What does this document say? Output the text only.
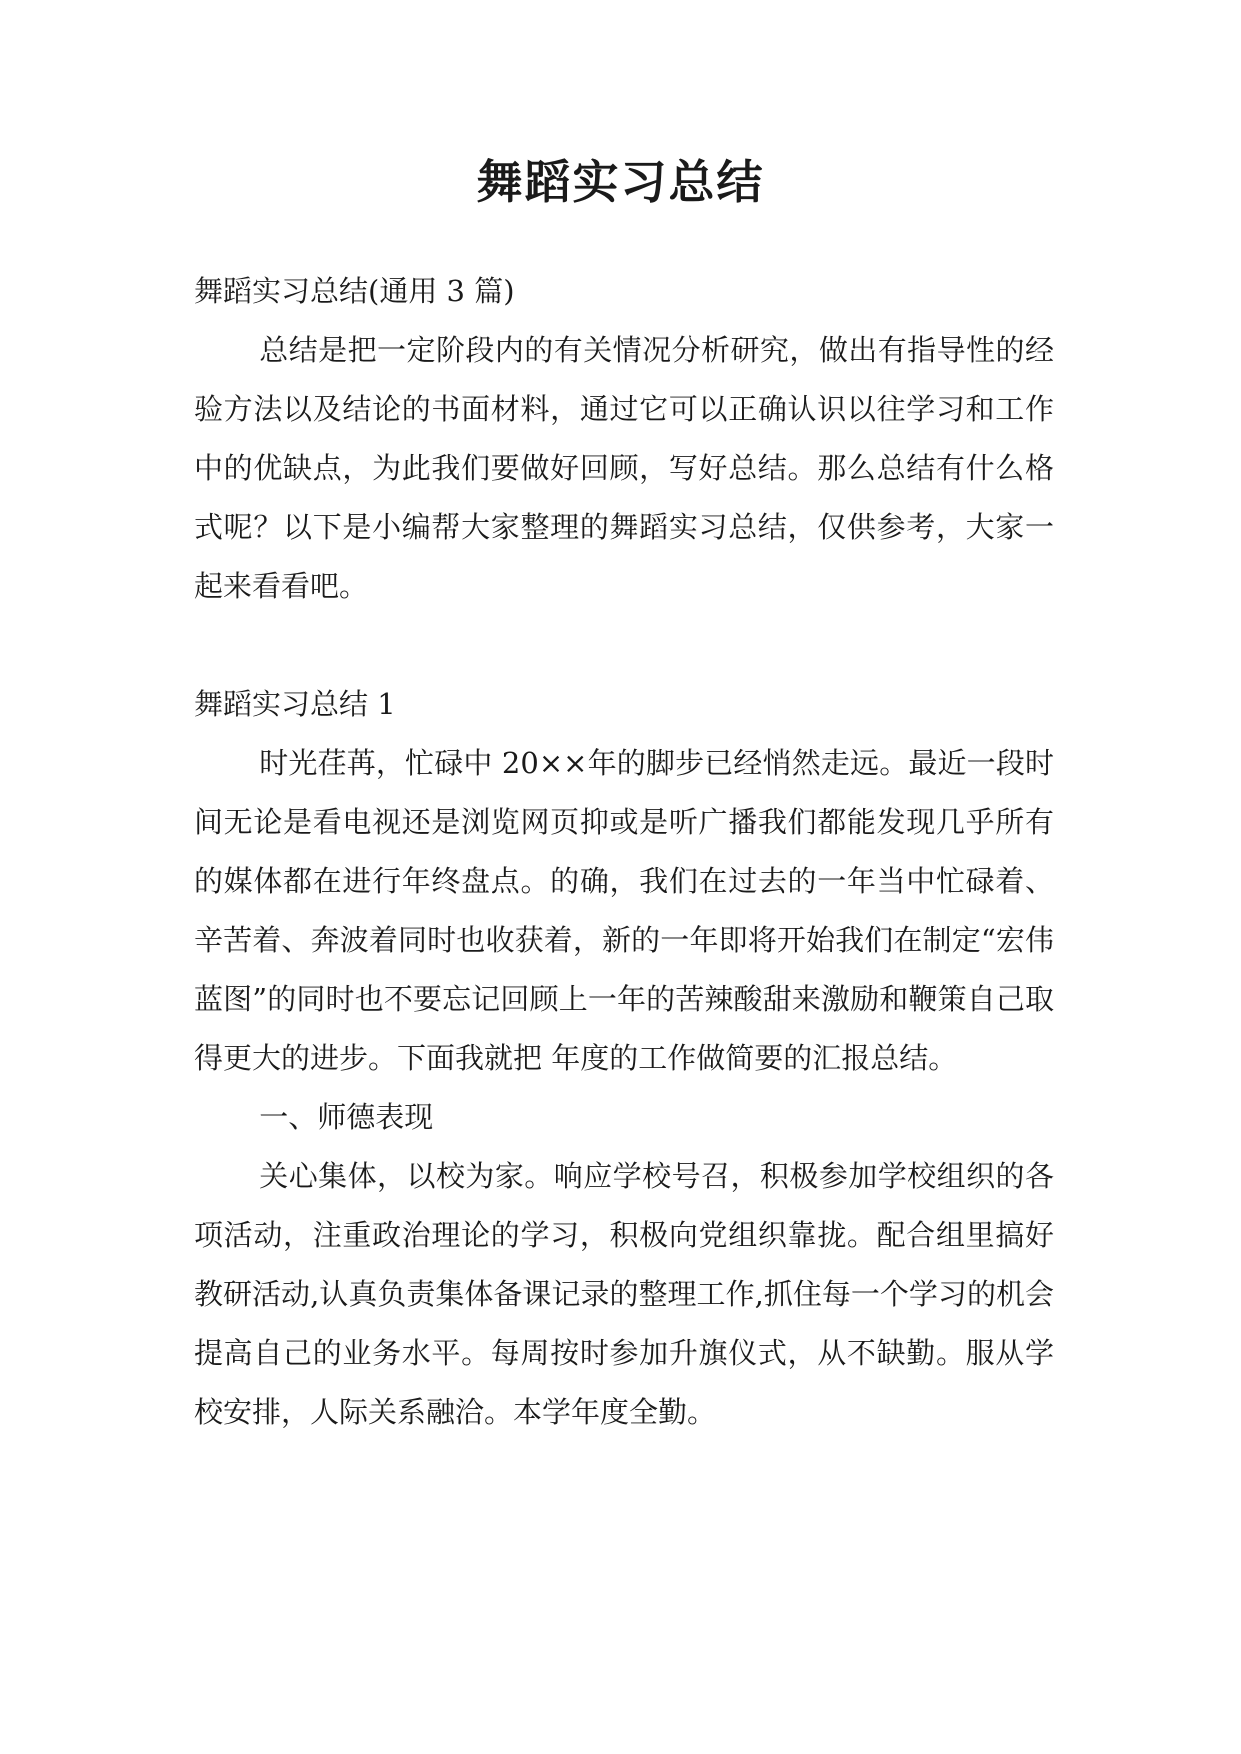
舞蹈实习总结

舞蹈实习总结(通用 3 篇)

总结是把一定阶段内的有关情况分析研究，做出有指导性的经验方法以及结论的书面材料，通过它可以正确认识以往学习和工作中的优缺点，为此我们要做好回顾，写好总结。那么总结有什么格式呢？以下是小编帮大家整理的舞蹈实习总结，仅供参考，大家一起来看看吧。

舞蹈实习总结 1

时光荏苒，忙碌中 20××年的脚步已经悄然走远。最近一段时间无论是看电视还是浏览网页抑或是听广播我们都能发现几乎所有的媒体都在进行年终盘点。的确，我们在过去的一年当中忙碌着、辛苦着、奔波着同时也收获着，新的一年即将开始我们在制定“宏伟蓝图”的同时也不要忘记回顾上一年的苦辣酸甜来激励和鞭策自己取得更大的进步。下面我就把 年度的工作做简要的汇报总结。

一、师德表现

关心集体，以校为家。响应学校号召，积极参加学校组织的各项活动，注重政治理论的学习，积极向党组织靠拢。配合组里搞好教研活动,认真负责集体备课记录的整理工作,抓住每一个学习的机会提高自己的业务水平。每周按时参加升旗仪式，从不缺勤。服从学校安排，人际关系融洽。本学年度全勤。
